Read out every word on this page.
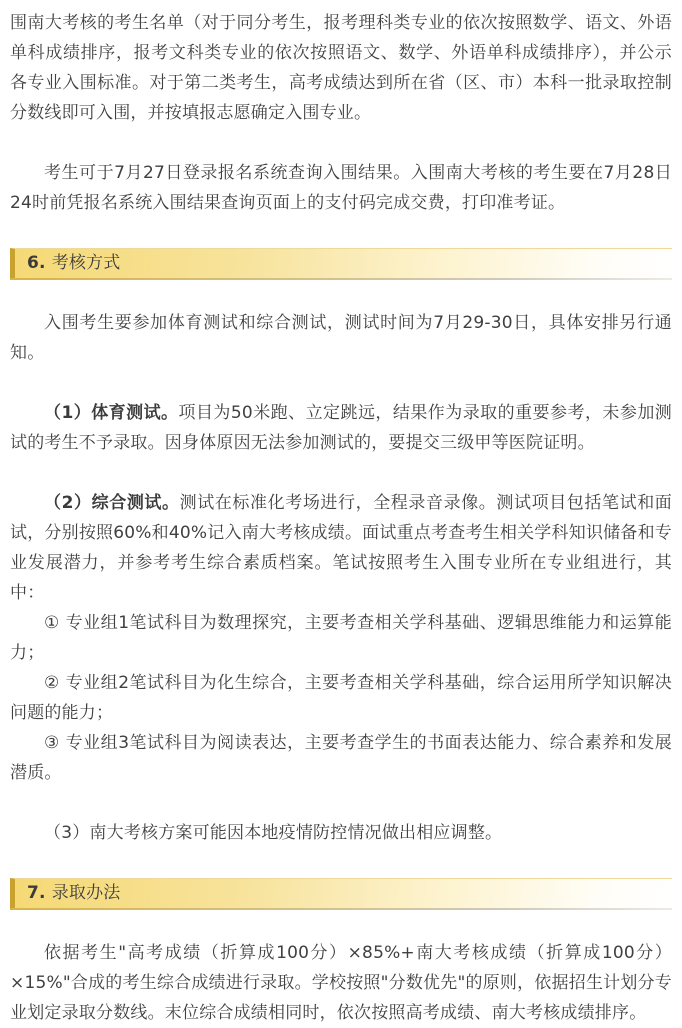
围南大考核的考生名单（对于同分考生，报考理科类专业的依次按照数学、语文、外语单科成绩排序，报考文科类专业的依次按照语文、数学、外语单科成绩排序），并公示各专业入围标准。对于第二类考生，高考成绩达到所在省（区、市）本科一批录取控制分数线即可入围，并按填报志愿确定入围专业。

考生可于7月27日登录报名系统查询入围结果。入围南大考核的考生要在7月28日24时前凭报名系统入围结果查询页面上的支付码完成交费，打印准考证。

6. 考核方式

入围考生要参加体育测试和综合测试，测试时间为7月29-30日，具体安排另行通知。

（1）体育测试。项目为50米跑、立定跳远，结果作为录取的重要参考，未参加测试的考生不予录取。因身体原因无法参加测试的，要提交三级甲等医院证明。

（2）综合测试。测试在标准化考场进行，全程录音录像。测试项目包括笔试和面试，分别按照60%和40%记入南大考核成绩。面试重点考查考生相关学科知识储备和专业发展潜力，并参考考生综合素质档案。笔试按照考生入围专业所在专业组进行，其中：

① 专业组1笔试科目为数理探究，主要考查相关学科基础、逻辑思维能力和运算能力；

② 专业组2笔试科目为化生综合，主要考查相关学科基础，综合运用所学知识解决问题的能力；

③ 专业组3笔试科目为阅读表达，主要考查学生的书面表达能力、综合素养和发展潜质。

（3）南大考核方案可能因本地疫情防控情况做出相应调整。

7. 录取办法

依据考生"高考成绩（折算成100分）×85%+南大考核成绩（折算成100分）×15%"合成的考生综合成绩进行录取。学校按照"分数优先"的原则，依据招生计划分专业划定录取分数线。末位综合成绩相同时，依次按照高考成绩、南大考核成绩排序。
